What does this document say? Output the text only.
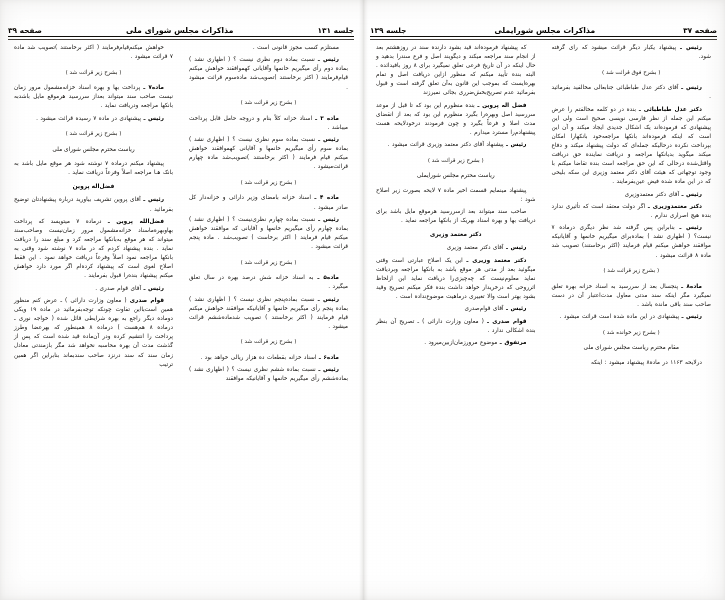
صفحه ۳۷
مذاکرات مجلس شورایملی
جلسه ۱۳۹

رئیس ـ پیشنهاد یکبار دیگر قرائت میشود که رای گرفته شود.

( بشرح فوق قرائت شد )

رئیس ـ آقای دکتر عدل طباطبائی جنابعالی مخالفید بفرمائید .

دکتر عدل طباطبائی ـ بنده در دو کلمه مخالفتم را عرض میکنم این جمله از نظر فارسی نویسی صحیح است ولی این پیشنهادی که فرموده‌اند یک اشکال جدیدی ایجاد میکند و آن این است که اینکه فرموده‌اند بانکها مراجعه‌خود بانکهارا امکان بپرداخت نکرده درحالیکه جمله‌ای که دولت پیشنهاد میکند و دفاع میکند میگوید بدیانکها مراجعه و دریافت نماینده حق دریافت واقتل‌شده درحالی که این حق مراجعه است بنده تقاضا میکنم با وجود توجهاتی که هیئت آقای دکتر معتمد وزیری این سکه بلیحی که در این ماده شده فیض عین‌بفرمایند .

رئیس ـ آقای دکتر معتمدوزیری

دکتر معتمدوزیری ـ اگر دولت معتقد است که تأثیری ندارد بنده هیچ اصراری ندارم .

رئیس ـ بنابراین پس گرفته شد نظر دیگری درماده ۷ نیست؟ ( اظهاری نشد ) بماده‌برای میگیریم خانمها و آقایانیکه موافقند خواهش میکنم قیام فرمایند (اکثر برخاستند) تصویب شد ماده ۸ قرائت میشود .

( بشرح زیر قرائت شد )

ماده۸ ـ پنجسال بعد از سررسید به اسناد خزانه بهره تعلق نمیگیرد مگر اینکه سند مدتی معاول مدت‌اعتبار آن در دست صاحب سند باقی مانده باشد .

رئیس ـ پیشنهادی در این ماده شده است قرائت میشود .

( بشرح زیر خوانده شد )

مقام محترم ریاست مجلس شورای ملی

درلایحه ۱۱۶۳ در ماده‌۸ پیشنهاد میشود : اینکه

که پیشنهاد فرموده‌اند قید بشود دارنده سند در روزهشتم بعد از انجام سند مراجعه میکند و دیگویند اصل و فرع سندرا بدهید و حال اینکه در آن تاریخ فرعی تعلق نمیگیرد برای ۸ روز بافیدائده . البته بنده تأیید میکنم که منظور ازاین دریافت اصل و تمام بهره‌ایست که بموجب این قانون به‌آن تعلق گرفته است و قبول بفرمائید عدم تصریح‌بخش‌ضرری بجائی نمیرزند

فضل اله پروین ـ بنده منظورم این بود که تا قبل از موعد سررسید اصل وبهره‌را بگیرد منظورم این بود که بعد از انقضای مدت اصلا و فرعاً بگیرد و چون فرمودند درخودلایحه هست پیشنهادم‌را مسترد میدارم .

رئیس ـ پیشنهاد آقای دکتر معتمد وزیری قرائت میشود .

( بشرح زیر قرائت شد )

ریاست محترم مجلس شورایملی

پیشنهاد مینمایم قسمت اخیر ماده ۷ لایحه بصورت زیر اصلاح شود :

صاحب سند میتواند بعد ازسررسید هرموقع مایل باشد برای دریافت بها و بهره اسناد بهریک از بانکها مراجعه نماید .

دکتر معتمد وزیری

رئیس ـ آقای دکتر معتمد وزیری

دکتر معتمد وزیری ـ این یک اصلاح عبارتی است وقتی میگوئید بعد از مدتی هر موقع باشد به بانکها مراجعه وبردیافت نماید معلوم‌نیست که چه‌چیزی‌را دریافت نماید این ازلحاظ اثرروحی که درخریدار خواهد داشت بنده فکر میکنم تصریح وقید بشود بهتر است والا تغییری درماهیت موضوع‌نداده است .

رئیس ـ آقای قوام‌صدری

قوام صدری ـ ( معاون وزارت دارائی ) ـ تصریح آن بنظر بنده اشکالی ندارد .

مرتفوق ـ موضوع مرورزمان‌ازبین‌میرود .

جلسه ۱۳۱
مذاکرات مجلس شورای ملی
صفحه ۳۹

مستلزم کسب مجوز قانونی است .

رئیس ـ نسبت بماده دوم نظری نیست ؟ ( اظهاری نشد ) بماده دوم رأی میگیریم خانمها وآقایانی کهموافقند خواهش میکنم قیام‌فرمایند ( اکثر برخاستند )تصویب‌شد ماده‌سوم قرائت میشود .

( بشرح زیر قرائت شد )

ماده ۳ ـ اسناد خزانه کلاً بنام و دروجه حامل قابل پرداخت میباشد .

رئیس ـ نسبت بماده سوم نظری نیست ؟ ( اظهاری نشد ) بماده سوم رأی میگیریم خانمها و آقایانی کهموافقند خواهش میکنم قیام فرمایند ( اکثر برخاستند )تصویب‌شد ماده چهارم قرائت‌میشود .

( بشرح زیر قرائت شد )

ماده ۴ ـ اسناد خزانه بامضای وزیر دارائی و خزانه‌دار کل صادر میشود .

رئیس ـ نسبت بماده چهارم نظری‌نیست ؟ ( اظهاری نشد ) بماده چهارم رأی میگیریم خانمها و آقایانی که موافقند خواهش میکنم قیام فرمایند ( اکثر برخاست ) تصویب‌شد . ماده پنجم قرائت میشود .

( بشرح زیر قرائت شد )

ماده۵ ـ به اسناد خزانه شش درصد بهره در سال تعلق میگیرد .

رئیس ـ نسبت بماده‌پنجم نظری نیست ؟ ( اظهاری نشد ) بماده پنجم رأی میگیریم خانمها و آقایانیکه موافقند خواهش میکنم قیام فرمایند ( اکثر برخاستند ) تصویب شدماده‌ششم قرائت میشود .

( بشرح زیر قرائت شد )

ماده۶ ـ اسناد خزانه بقطعات ده هزار ریالی خواهد بود .

رئیس ـ نسبت بماده ششم نظری نیست ؟ ( اظهاری نشد ) بماده‌ششم رأی میگیریم خانمها و آقایانیکه موافقند

خواهش میکنم‌قیام‌فرمایند ( اکثر برخاستند )تصویب شد ماده ۷ قرائت میشود .

( بشرح زیر قرائت شد )

ماده۷ ـ پرداخت بها و بهره اسناد خزانه‌مشمول مرور زمان نیست صاحب سند میتواند بعداز سررسید هرموقع مایل باشدبه بانکها مراجعه ودریافت نماید .

رئیس ـ پیشنهادی در ماده ۷ رسیده قرائت میشود .

( بشرح زیر قرائت شد )

ریاست محترم مجلس شورای ملی

پیشنهاد میکنم درماده ۷ نوشته شود هر موقع مایل باشد به بانک هـا مراجعه اصلاً وفرعاً دریافت نماید .

فضل‌اله پروین

رئیس ـ آقای پروین تشریف بیاورید درباره پیشنهادتان توضیح بفرمائید .

فضل‌الله پروین ـ درماده ۷ میتویسد که پرداخت بهاوبهره‌ماسناد خزانه‌مشمول مرور زمان‌نیست وصاحب‌سند میتواند که هر موقع به‌بانکها مراجعه کرد و مبلغ سند را دریافت نماید . بنده پیشنهاد کردم که در ماده ۷ نوشته شود وقتی به بانکها مراجعه نمود اصلاً وفرعاً دریافت خواهد نمود . این فقط اصلاح لغوی است که پیشنهاد کرده‌ام اگر مورد دارد خواهش میکنم پیشنهاد بنده‌را قبول بفرمایند .

رئیس ـ آقای قوام صدری .

قوام صدری ( معاون وزارت دارائی ) ـ عرض کنم منظور همین است‌بااین تفاوت چونکه توجه‌بفرمائید در ماده ۱۹ ویکی دوماده دیگر راجع به بهره شرایطی قائل شده ( خواجه نوری ـ درماده ۸ هم‌هست ) درماده ۸ همینطور که بهرعضا وطرز پرداخت را انتشیم کرده ودر آن‌ماده قید شده است که پس از گذشت مدت آن بهره محاسبه نخواهد شد مگر بازمندتی معادل زمان سند که سند درنزد صاحب سندبماند بنابراین اگر همین ترتیب
